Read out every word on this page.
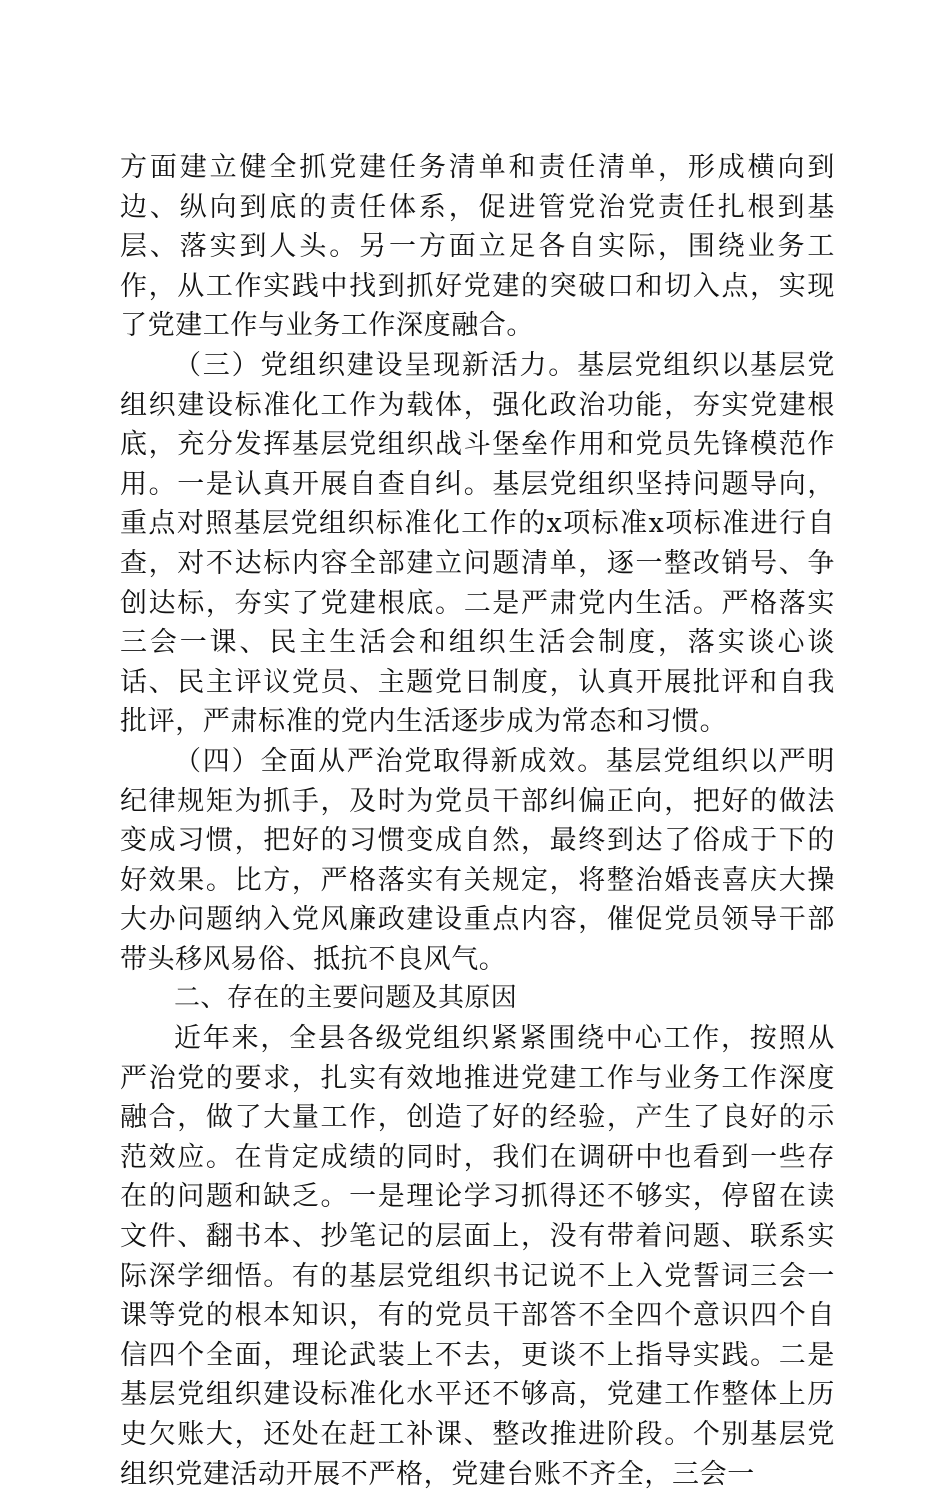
方面建立健全抓党建任务清单和责任清单，形成横向到边、纵向到底的责任体系，促进管党治党责任扎根到基层、落实到人头。另一方面立足各自实际，围绕业务工作，从工作实践中找到抓好党建的突破口和切入点，实现了党建工作与业务工作深度融合。

（三）党组织建设呈现新活力。基层党组织以基层党组织建设标准化工作为载体，强化政治功能，夯实党建根底，充分发挥基层党组织战斗堡垒作用和党员先锋模范作用。一是认真开展自查自纠。基层党组织坚持问题导向，重点对照基层党组织标准化工作的x项标准x项标准进行自查，对不达标内容全部建立问题清单，逐一整改销号、争创达标，夯实了党建根底。二是严肃党内生活。严格落实三会一课、民主生活会和组织生活会制度，落实谈心谈话、民主评议党员、主题党日制度，认真开展批评和自我批评，严肃标准的党内生活逐步成为常态和习惯。

（四）全面从严治党取得新成效。基层党组织以严明纪律规矩为抓手，及时为党员干部纠偏正向，把好的做法变成习惯，把好的习惯变成自然，最终到达了俗成于下的好效果。比方，严格落实有关规定，将整治婚丧喜庆大操大办问题纳入党风廉政建设重点内容，催促党员领导干部带头移风易俗、抵抗不良风气。

二、存在的主要问题及其原因

近年来，全县各级党组织紧紧围绕中心工作，按照从严治党的要求，扎实有效地推进党建工作与业务工作深度融合，做了大量工作，创造了好的经验，产生了良好的示范效应。在肯定成绩的同时，我们在调研中也看到一些存在的问题和缺乏。一是理论学习抓得还不够实，停留在读文件、翻书本、抄笔记的层面上，没有带着问题、联系实际深学细悟。有的基层党组织书记说不上入党誓词三会一课等党的根本知识，有的党员干部答不全四个意识四个自信四个全面，理论武装上不去，更谈不上指导实践。二是基层党组织建设标准化水平还不够高，党建工作整体上历史欠账大，还处在赶工补课、整改推进阶段。个别基层党组织党建活动开展不严格，党建台账不齐全，三会一
